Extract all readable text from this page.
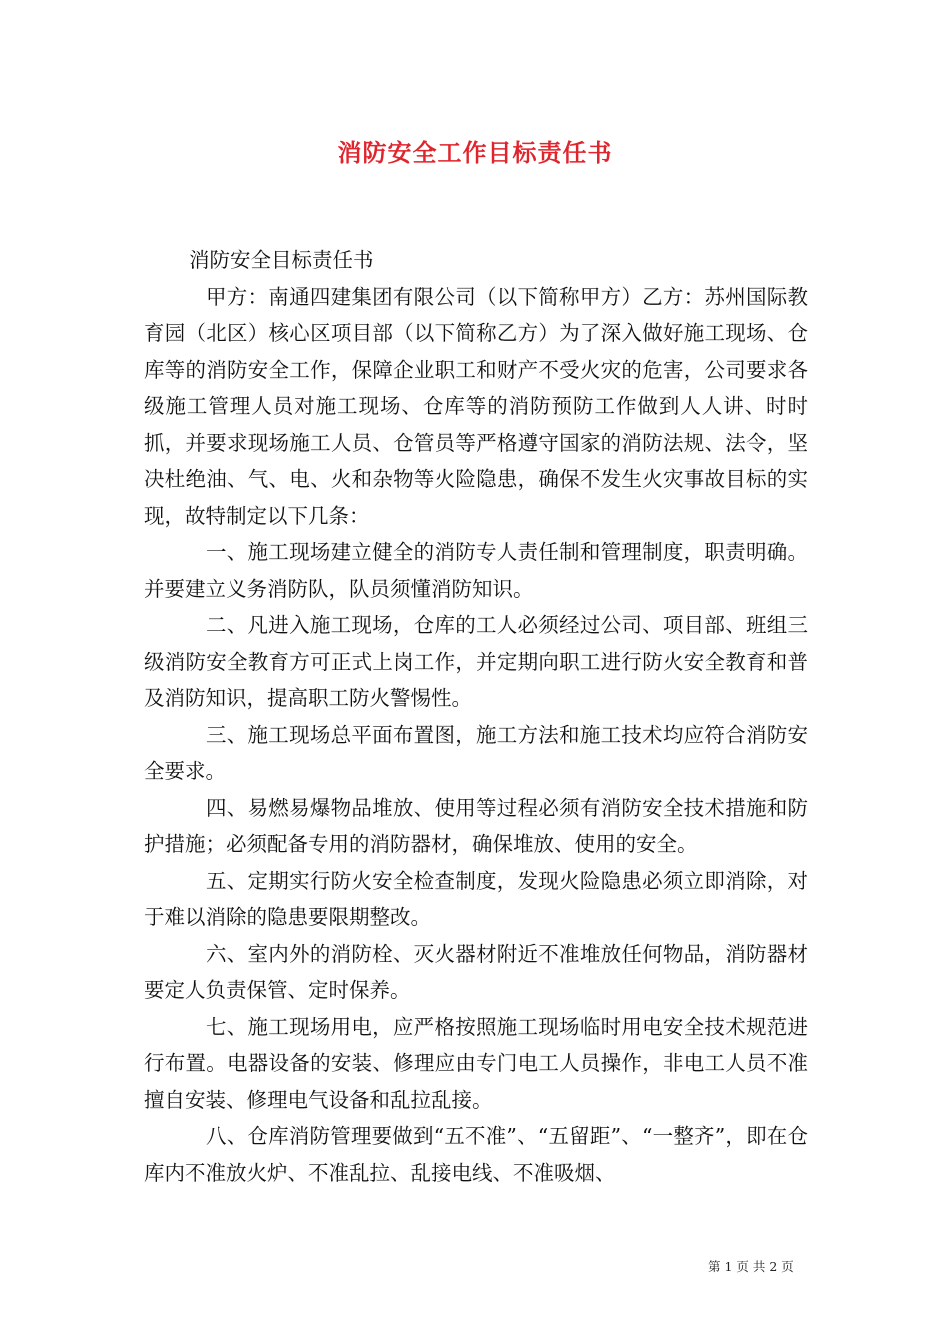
消防安全工作目标责任书

消防安全目标责任书

甲方：南通四建集团有限公司（以下简称甲方）乙方：苏州国际教育园（北区）核心区项目部（以下简称乙方）为了深入做好施工现场、仓库等的消防安全工作，保障企业职工和财产不受火灾的危害，公司要求各级施工管理人员对施工现场、仓库等的消防预防工作做到人人讲、时时抓，并要求现场施工人员、仓管员等严格遵守国家的消防法规、法令，坚决杜绝油、气、电、火和杂物等火险隐患，确保不发生火灾事故目标的实现，故特制定以下几条：

一、施工现场建立健全的消防专人责任制和管理制度，职责明确。并要建立义务消防队，队员须懂消防知识。

二、凡进入施工现场，仓库的工人必须经过公司、项目部、班组三级消防安全教育方可正式上岗工作，并定期向职工进行防火安全教育和普及消防知识，提高职工防火警惕性。

三、施工现场总平面布置图，施工方法和施工技术均应符合消防安全要求。

四、易燃易爆物品堆放、使用等过程必须有消防安全技术措施和防护措施；必须配备专用的消防器材，确保堆放、使用的安全。

五、定期实行防火安全检查制度，发现火险隐患必须立即消除，对于难以消除的隐患要限期整改。

六、室内外的消防栓、灭火器材附近不准堆放任何物品，消防器材要定人负责保管、定时保养。

七、施工现场用电，应严格按照施工现场临时用电安全技术规范进行布置。电器设备的安装、修理应由专门电工人员操作，非电工人员不准擅自安装、修理电气设备和乱拉乱接。

八、仓库消防管理要做到“五不准”、“五留距”、“一整齐”，即在仓库内不准放火炉、不准乱拉、乱接电线、不准吸烟、

第 1 页 共 2 页
